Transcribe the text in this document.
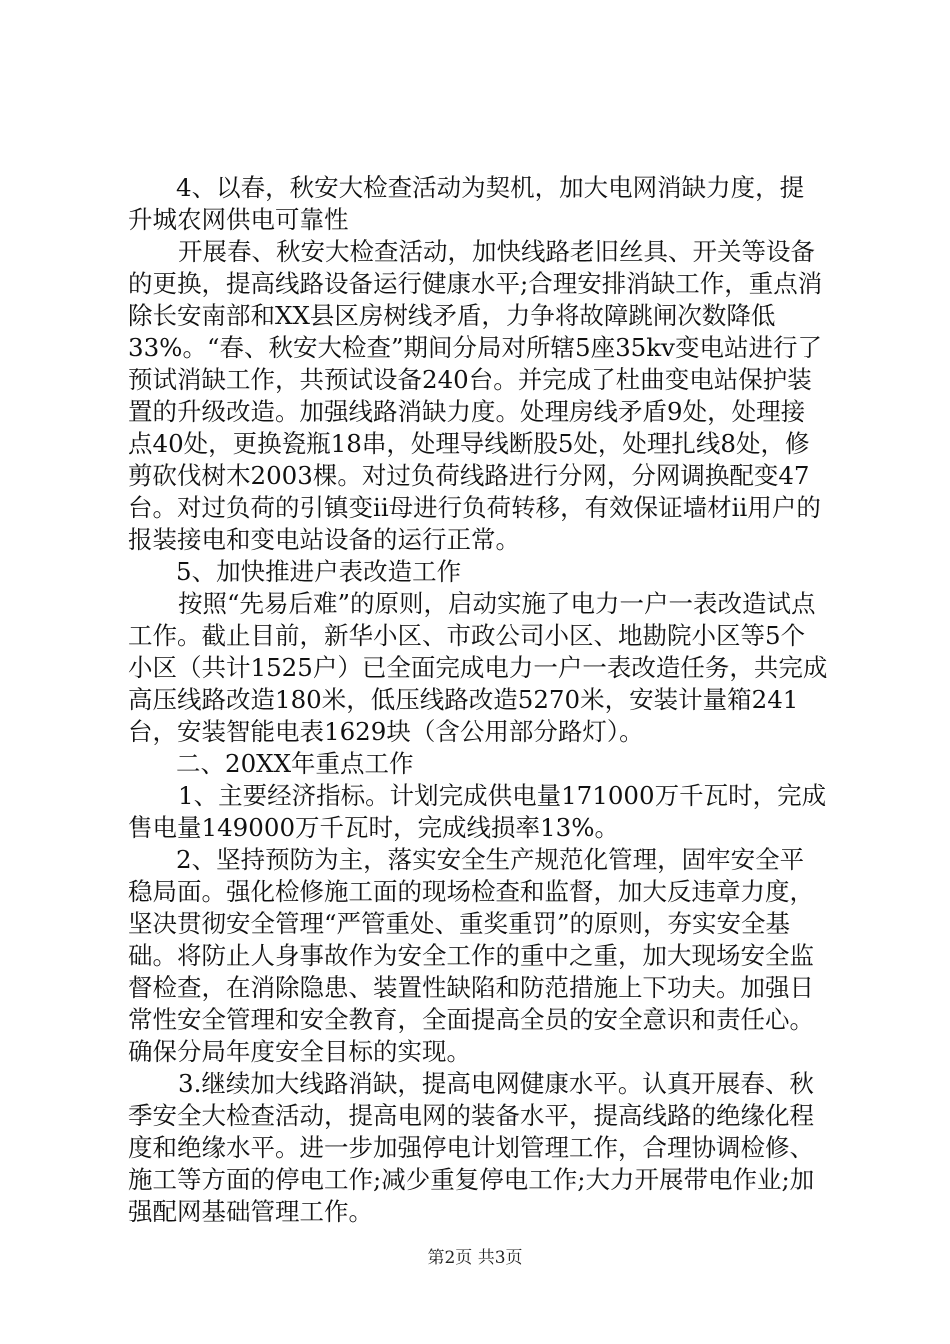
4、以春，秋安大检查活动为契机，加大电网消缺力度，提升城农网供电可靠性

开展春、秋安大检查活动，加快线路老旧丝具、开关等设备的更换，提高线路设备运行健康水平;合理安排消缺工作，重点消除长安南部和XX县区房树线矛盾，力争将故障跳闸次数降低33%。“春、秋安大检查”期间分局对所辖5座35kv变电站进行了预试消缺工作，共预试设备240台。并完成了杜曲变电站保护装置的升级改造。加强线路消缺力度。处理房线矛盾9处，处理接点40处，更换瓷瓶18串，处理导线断股5处，处理扎线8处，修剪砍伐树木2003棵。对过负荷线路进行分网，分网调换配变47台。对过负荷的引镇变ii母进行负荷转移，有效保证墙材ii用户的报装接电和变电站设备的运行正常。

5、加快推进户表改造工作

按照“先易后难”的原则，启动实施了电力一户一表改造试点工作。截止目前，新华小区、市政公司小区、地勘院小区等5个小区（共计1525户）已全面完成电力一户一表改造任务，共完成高压线路改造180米，低压线路改造5270米，安装计量箱241台，安装智能电表1629块（含公用部分路灯）。

二、20XX年重点工作

1、主要经济指标。计划完成供电量171000万千瓦时，完成售电量149000万千瓦时，完成线损率13%。

2、坚持预防为主，落实安全生产规范化管理，固牢安全平稳局面。强化检修施工面的现场检查和监督，加大反违章力度，坚决贯彻安全管理“严管重处、重奖重罚”的原则，夯实安全基础。将防止人身事故作为安全工作的重中之重，加大现场安全监督检查，在消除隐患、装置性缺陷和防范措施上下功夫。加强日常性安全管理和安全教育，全面提高全员的安全意识和责任心。确保分局年度安全目标的实现。

3.继续加大线路消缺，提高电网健康水平。认真开展春、秋季安全大检查活动，提高电网的装备水平，提高线路的绝缘化程度和绝缘水平。进一步加强停电计划管理工作，合理协调检修、施工等方面的停电工作;减少重复停电工作;大力开展带电作业;加强配网基础管理工作。

第2页 共3页
